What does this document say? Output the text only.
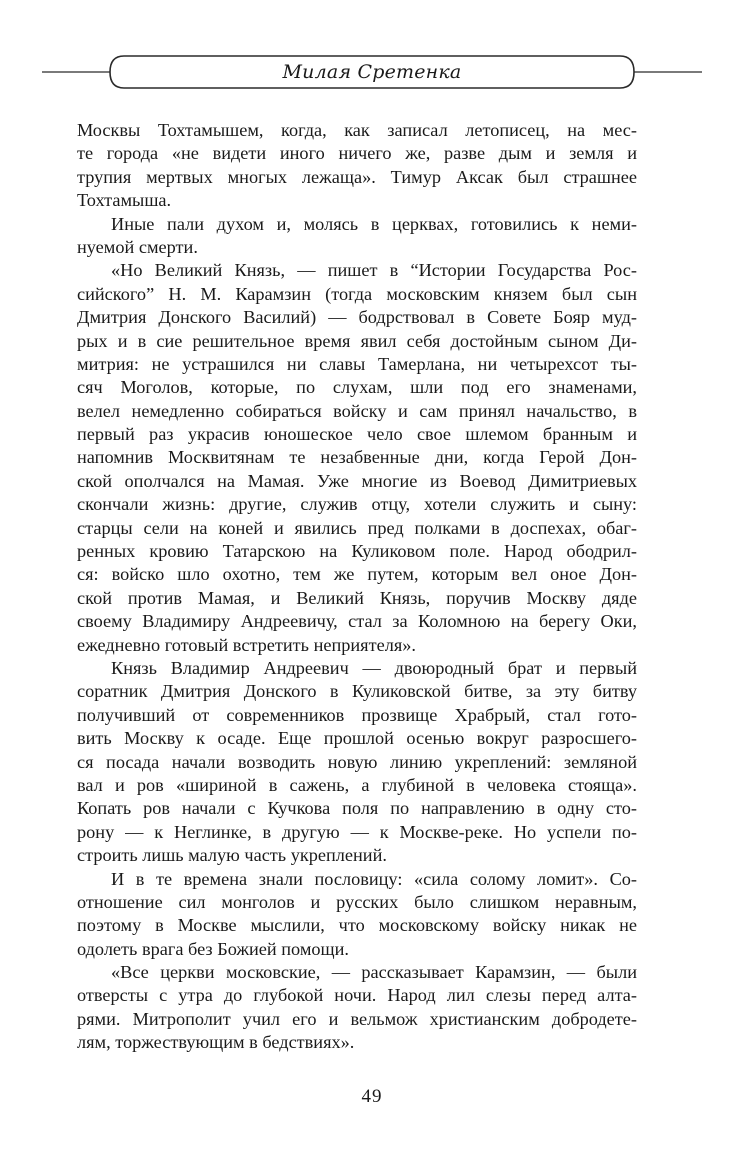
Милая Сретенка
Москвы Тохтамышем, когда, как записал летописец, на мес-
те города «не видети иного ничего же, разве дым и земля и
трупия мертвых многых лежаща». Тимур Аксак был страшнее
Тохтамыша.
Иные пали духом и, молясь в церквах, готовились к неми-
нуемой смерти.
«Но Великий Князь, — пишет в “Истории Государства Рос-
сийского” Н. М. Карамзин (тогда московским князем был сын
Дмитрия Донского Василий) — бодрствовал в Совете Бояр муд-
рых и в сие решительное время явил себя достойным сыном Ди-
митрия: не устрашился ни славы Тамерлана, ни четырехсот ты-
сяч Моголов, которые, по слухам, шли под его знаменами,
велел немедленно собираться войску и сам принял начальство, в
первый раз украсив юношеское чело свое шлемом бранным и
напомнив Москвитянам те незабвенные дни, когда Герой Дон-
ской ополчался на Мамая. Уже многие из Воевод Димитриевых
скончали жизнь: другие, служив отцу, хотели служить и сыну:
старцы сели на коней и явились пред полками в доспехах, обаг-
ренных кровию Татарскою на Куликовом поле. Народ ободрил-
ся: войско шло охотно, тем же путем, которым вел оное Дон-
ской против Мамая, и Великий Князь, поручив Москву дяде
своему Владимиру Андреевичу, стал за Коломною на берегу Оки,
ежедневно готовый встретить неприятеля».
Князь Владимир Андреевич — двоюродный брат и первый
соратник Дмитрия Донского в Куликовской битве, за эту битву
получивший от современников прозвище Храбрый, стал гото-
вить Москву к осаде. Еще прошлой осенью вокруг разросшего-
ся посада начали возводить новую линию укреплений: земляной
вал и ров «шириной в сажень, а глубиной в человека стояща».
Копать ров начали с Кучкова поля по направлению в одну сто-
рону — к Неглинке, в другую — к Москве-реке. Но успели по-
строить лишь малую часть укреплений.
И в те времена знали пословицу: «сила солому ломит». Со-
отношение сил монголов и русских было слишком неравным,
поэтому в Москве мыслили, что московскому войску никак не
одолеть врага без Божией помощи.
«Все церкви московские, — рассказывает Карамзин, — были
отверсты с утра до глубокой ночи. Народ лил слезы перед алта-
рями. Митрополит учил его и вельмож христианским добродете-
лям, торжествующим в бедствиях».
49
